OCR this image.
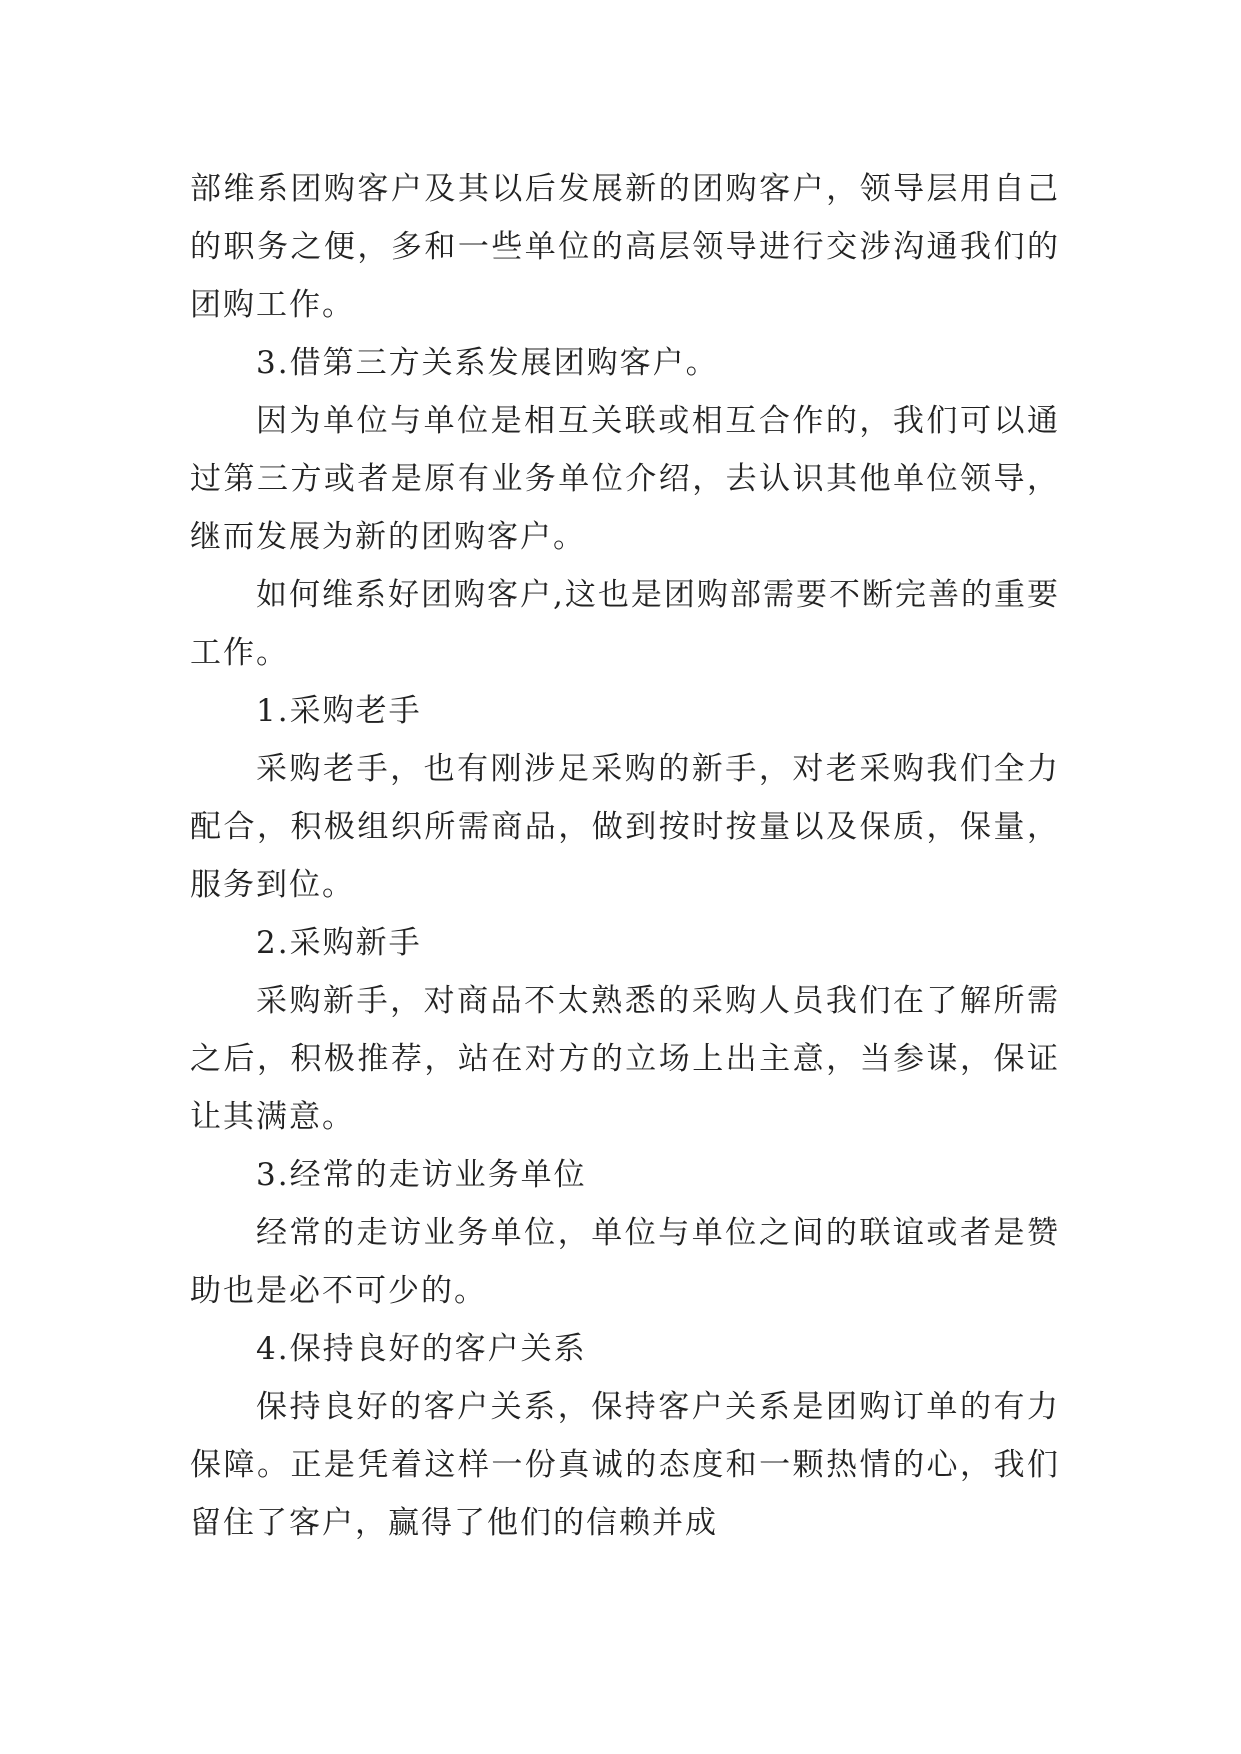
部维系团购客户及其以后发展新的团购客户，领导层用自己的职务之便，多和一些单位的高层领导进行交涉沟通我们的团购工作。

3.借第三方关系发展团购客户。

因为单位与单位是相互关联或相互合作的，我们可以通过第三方或者是原有业务单位介绍，去认识其他单位领导，继而发展为新的团购客户。

如何维系好团购客户,这也是团购部需要不断完善的重要工作。

1.采购老手

采购老手，也有刚涉足采购的新手，对老采购我们全力配合，积极组织所需商品，做到按时按量以及保质，保量，服务到位。

2.采购新手

采购新手，对商品不太熟悉的采购人员我们在了解所需之后，积极推荐，站在对方的立场上出主意，当参谋，保证让其满意。

3.经常的走访业务单位

经常的走访业务单位，单位与单位之间的联谊或者是赞助也是必不可少的。

4.保持良好的客户关系

保持良好的客户关系，保持客户关系是团购订单的有力保障。正是凭着这样一份真诚的态度和一颗热情的心，我们留住了客户，赢得了他们的信赖并成
